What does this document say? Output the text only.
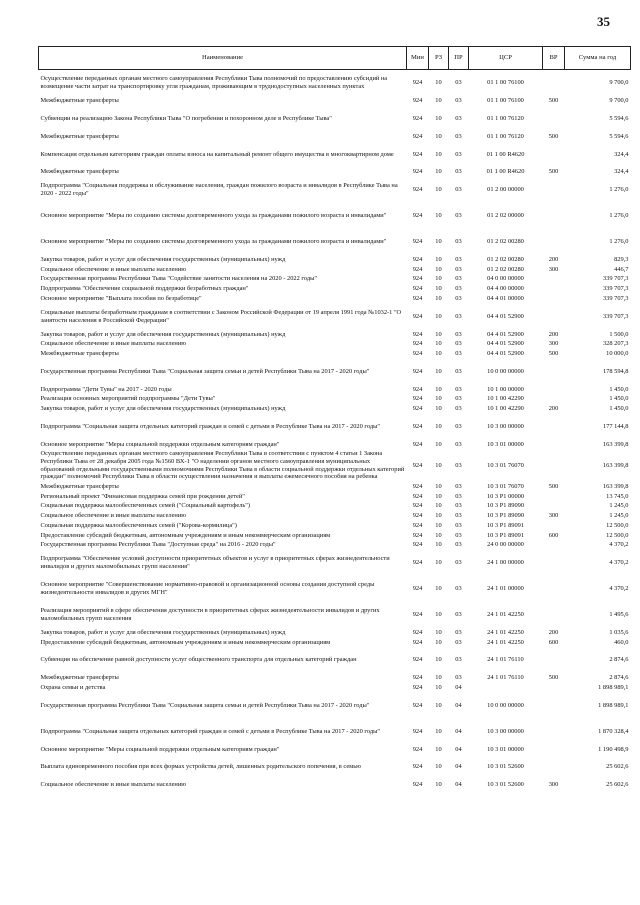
35
Наименование	Мин	РЗ	ПР	ЦСР	ВР	Сумма на год
Осуществление переданных органам местного самоуправления Республики Тыва полномочий по предоставлению субсидий на возмещение части затрат на транспортировку угля гражданам, проживающим в труднодоступных населенных пунктах	924	10	03	01 1 00 76100		9 700,0
Межбюджетные трансферты	924	10	03	01 1 00 76100	500	9 700,0
Субвенции на реализацию Закона Республики Тыва "О погребении и похоронном деле в Республике Тыва"	924	10	03	01 1 00 76120		5 594,6
Межбюджетные трансферты	924	10	03	01 1 00 76120	500	5 594,6
Компенсация отдельным категориям граждан оплаты взноса на капитальный ремонт общего имущества в многоквартирном доме	924	10	03	01 1 00 R4620		324,4
Межбюджетные трансферты	924	10	03	01 1 00 R4620	500	324,4
Подпрограмма "Социальная поддержка и обслуживание населения, граждан пожилого возраста и инвалидов в Республике Тыва на 2020 - 2022 годы"	924	10	03	01 2 00 00000		1 276,0
Основное мероприятие "Меры по созданию системы долговременного ухода за гражданами пожилого возраста и инвалидами"	924	10	03	01 2 02 00000		1 276,0
Основное мероприятие "Меры по созданию системы долговременного ухода за гражданами пожилого возраста и инвалидами"	924	10	03	01 2 02 00280		1 276,0
Закупка товаров, работ и услуг для обеспечения государственных (муниципальных) нужд	924	10	03	01 2 02 00280	200	829,3
Социальное обеспечение и иные выплаты населению	924	10	03	01 2 02 00280	300	446,7
Государственная программа Республики Тыва "Содействие занятости населения на 2020 - 2022 годы"	924	10	03	04 0 00 00000		339 707,3
Подпрограмма "Обеспечение социальной поддержки безработных граждан"	924	10	03	04 4 00 00000		339 707,3
Основное мероприятие "Выплата пособия по безработице"	924	10	03	04 4 01 00000		339 707,3
Социальные выплаты безработным гражданам в соответствии с Законом Российской Федерации от 19 апреля 1991 года №1032-1 "О занятости населения в Российской Федерации"	924	10	03	04 4 01 52900		339 707,3
Закупка товаров, работ и услуг для обеспечения государственных (муниципальных) нужд	924	10	03	04 4 01 52900	200	1 500,0
Социальное обеспечение и иные выплаты населению	924	10	03	04 4 01 52900	300	328 207,3
Межбюджетные трансферты	924	10	03	04 4 01 52900	500	10 000,0
Государственная программа Республики Тыва "Социальная защита семьи и детей Республики Тыва на 2017 - 2020 годы"	924	10	03	10 0 00 00000		178 594,8
Подпрограмма "Дети Тувы" на 2017 - 2020 годы	924	10	03	10 1 00 00000		1 450,0
Реализация основных мероприятий подпрограммы "Дети Тувы"	924	10	03	10 1 00 42290		1 450,0
Закупка товаров, работ и услуг для обеспечения государственных (муниципальных) нужд	924	10	03	10 1 00 42290	200	1 450,0
Подпрограмма "Социальная защита отдельных категорий граждан и семей с детьми в Республике Тыва на 2017 - 2020 годы"	924	10	03	10 3 00 00000		177 144,8
Основное мероприятие "Меры социальной поддержки отдельным категориям граждан"	924	10	03	10 3 01 00000		163 399,8
Осуществление переданных органам местного самоуправления Республики Тыва в соответствии с пунктом 4 статьи 1 Закона Республики Тыва от 28 декабря 2005 года №1560 ВХ-1 "О наделении органов местного самоуправления муниципальных образований отдельными государственными полномочиями Республики Тыва в области социальной поддержки отдельных категорий граждан" полномочий Республики Тыва в области осуществления назначения и выплаты ежемесячного пособия на ребенка	924	10	03	10 3 01 76070		163 399,8
Межбюджетные трансферты	924	10	03	10 3 01 76070	500	163 399,8
Региональный проект "Финансовая поддержка семей при рождении детей"	924	10	03	10 3 P1 00000		13 745,0
Социальная поддержка малообеспеченных семей ("Социальный картофель")	924	10	03	10 3 P1 89090		1 245,0
Социальное обеспечение и иные выплаты населению	924	10	03	10 3 P1 89090	300	1 245,0
Социальная поддержка малообеспеченных семей ("Корова-кормилица")	924	10	03	10 3 P1 89091		12 500,0
Предоставление субсидий бюджетным, автономным учреждениям и иным некоммерческим организациям	924	10	03	10 3 P1 89091	600	12 500,0
Государственная программа Республики Тыва "Доступная среда" на 2016 - 2020 годы"	924	10	03	24 0 00 00000		4 370,2
Подпрограмма "Обеспечение условий доступности приоритетных объектов и услуг в приоритетных сферах жизнедеятельности инвалидов и других маломобильных групп населения"	924	10	03	24 1 00 00000		4 370,2
Основное мероприятие "Совершенствование нормативно-правовой и организационной основы создания доступной среды жизнедеятельности инвалидов и других МГН"	924	10	03	24 1 01 00000		4 370,2
Реализация мероприятий в сфере обеспечения доступности в приоритетных сферах жизнедеятельности инвалидов и других маломобильных групп населения	924	10	03	24 1 01 42250		1 495,6
Закупка товаров, работ и услуг для обеспечения государственных (муниципальных) нужд	924	10	03	24 1 01 42250	200	1 035,6
Предоставление субсидий бюджетным, автономным учреждениям и иным некоммерческим организациям	924	10	03	24 1 01 42250	600	460,0
Субвенция на обеспечение равной доступности услуг общественного транспорта для отдельных категорий граждан	924	10	03	24 1 01 76110		2 874,6
Межбюджетные трансферты	924	10	03	24 1 01 76110	500	2 874,6
Охрана семьи и детства	924	10	04			1 898 989,1
Государственная программа Республики Тыва "Социальная защита семьи и детей Республики Тыва на 2017 - 2020 годы"	924	10	04	10 0 00 00000		1 898 989,1
Подпрограмма "Социальная защита отдельных категорий граждан и семей с детьми в Республике Тыва на 2017 - 2020 годы"	924	10	04	10 3 00 00000		1 870 328,4
Основное мероприятие "Меры социальной поддержки отдельным категориям граждан"	924	10	04	10 3 01 00000		1 190 498,9
Выплата единовременного пособия при всех формах устройства детей, лишенных родительского попечения, в семью	924	10	04	10 3 01 52600		25 602,6
Социальное обеспечение и иные выплаты населению	924	10	04	10 3 01 52600	300	25 602,6
